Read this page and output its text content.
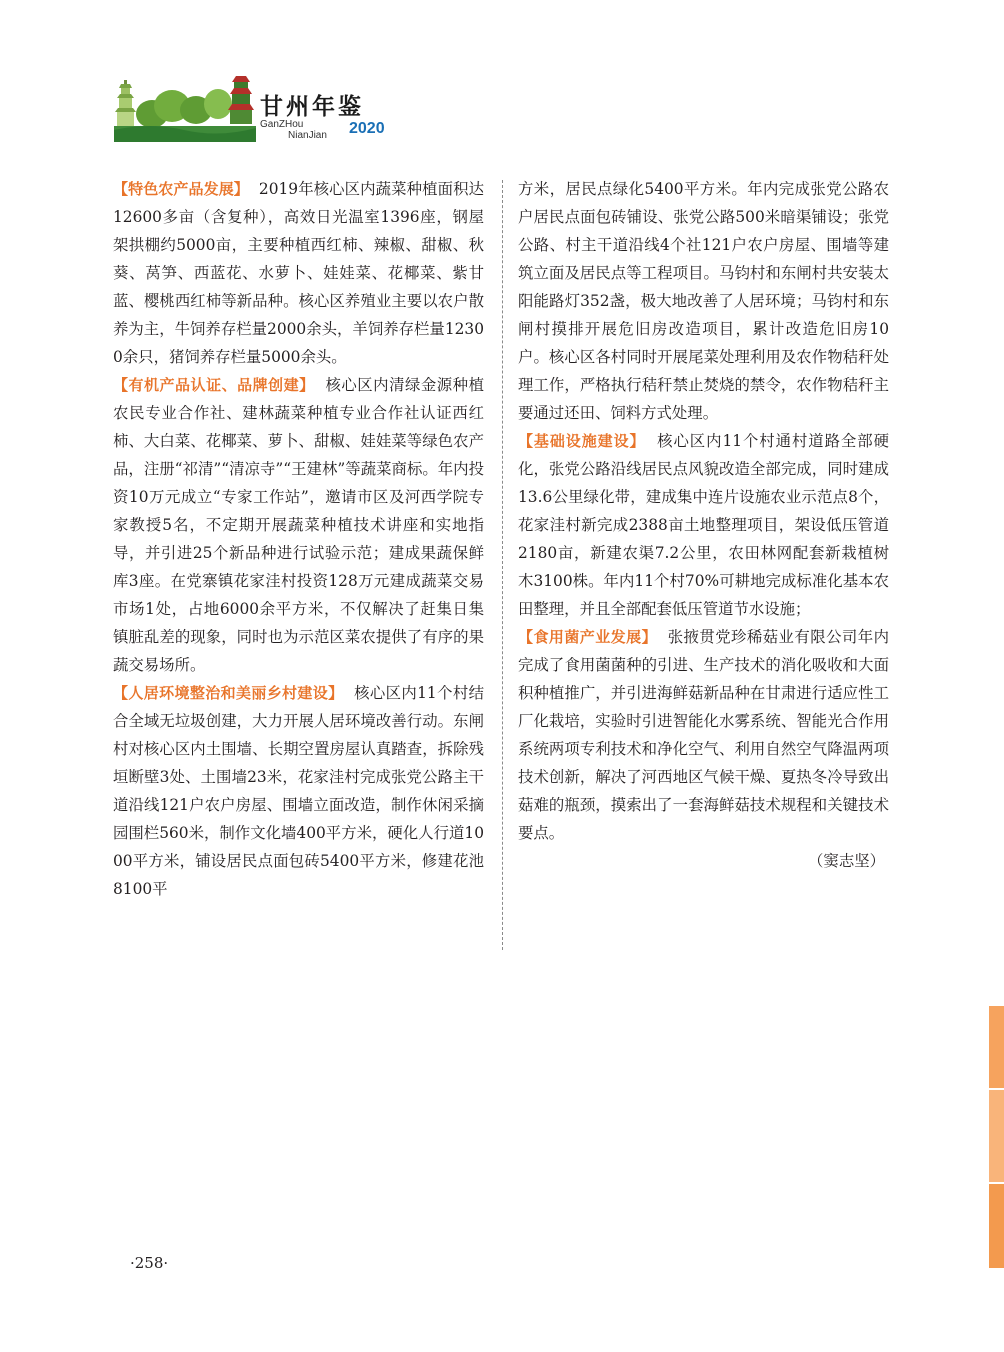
甘州年鉴
GanZHou
NianJian 2020

【特色农产品发展】 2019年核心区内蔬菜种植面积达12600多亩（含复种），高效日光温室1396座，钢屋架拱棚约5000亩，主要种植西红柿、辣椒、甜椒、秋葵、莴笋、西蓝花、水萝卜、娃娃菜、花椰菜、紫甘蓝、樱桃西红柿等新品种。核心区养殖业主要以农户散养为主，牛饲养存栏量2000余头，羊饲养存栏量12300余只，猪饲养存栏量5000余头。

【有机产品认证、品牌创建】 核心区内清绿金源种植农民专业合作社、建林蔬菜种植专业合作社认证西红柿、大白菜、花椰菜、萝卜、甜椒、娃娃菜等绿色农产品，注册“祁清”“清凉寺”“王建林”等蔬菜商标。年内投资10万元成立“专家工作站”，邀请市区及河西学院专家教授5名，不定期开展蔬菜种植技术讲座和实地指导，并引进25个新品种进行试验示范；建成果蔬保鲜库3座。在党寨镇花家洼村投资128万元建成蔬菜交易市场1处，占地6000余平方米，不仅解决了赶集日集镇脏乱差的现象，同时也为示范区菜农提供了有序的果蔬交易场所。

【人居环境整治和美丽乡村建设】 核心区内11个村结合全域无垃圾创建，大力开展人居环境改善行动。东闸村对核心区内土围墙、长期空置房屋认真踏查，拆除残垣断壁3处、土围墙23米，花家洼村完成张党公路主干道沿线121户农户房屋、围墙立面改造，制作休闲采摘园围栏560米，制作文化墙400平方米，硬化人行道1000平方米，铺设居民点面包砖5400平方米，修建花池8100平

方米，居民点绿化5400平方米。年内完成张党公路农户居民点面包砖铺设、张党公路500米暗渠铺设；张党公路、村主干道沿线4个社121户农户房屋、围墙等建筑立面及居民点等工程项目。马钧村和东闸村共安装太阳能路灯352盏，极大地改善了人居环境；马钧村和东闸村摸排开展危旧房改造项目，累计改造危旧房10户。核心区各村同时开展尾菜处理利用及农作物秸秆处理工作，严格执行秸秆禁止焚烧的禁令，农作物秸秆主要通过还田、饲料方式处理。

【基础设施建设】 核心区内11个村通村道路全部硬化，张党公路沿线居民点风貌改造全部完成，同时建成13.6公里绿化带，建成集中连片设施农业示范点8个，花家洼村新完成2388亩土地整理项目，架设低压管道2180亩，新建农渠7.2公里，农田林网配套新栽植树木3100株。年内11个村70%可耕地完成标准化基本农田整理，并且全部配套低压管道节水设施；

【食用菌产业发展】 张掖贯党珍稀菇业有限公司年内完成了食用菌菌种的引进、生产技术的消化吸收和大面积种植推广，并引进海鲜菇新品种在甘肃进行适应性工厂化栽培，实验时引进智能化水雾系统、智能光合作用系统两项专利技术和净化空气、利用自然空气降温两项技术创新，解决了河西地区气候干燥、夏热冬冷导致出菇难的瓶颈，摸索出了一套海鲜菇技术规程和关键技术要点。

（窦志坚）

·258·
